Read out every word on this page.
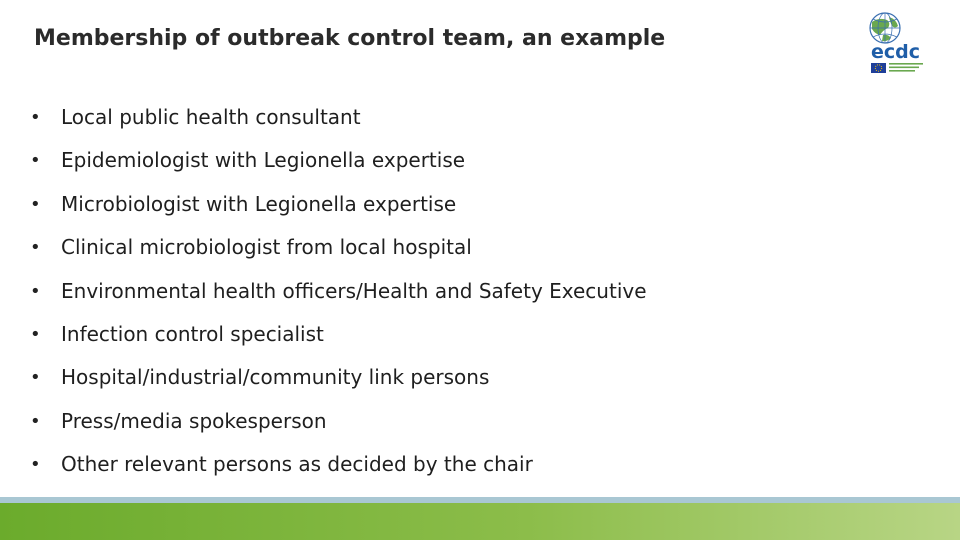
Membership of outbreak control team, an example
ecdc
• Local public health consultant
• Epidemiologist with Legionella expertise
• Microbiologist with Legionella expertise
• Clinical microbiologist from local hospital
• Environmental health officers/Health and Safety Executive
• Infection control specialist
• Hospital/industrial/community link persons
• Press/media spokesperson
• Other relevant persons as decided by the chair
